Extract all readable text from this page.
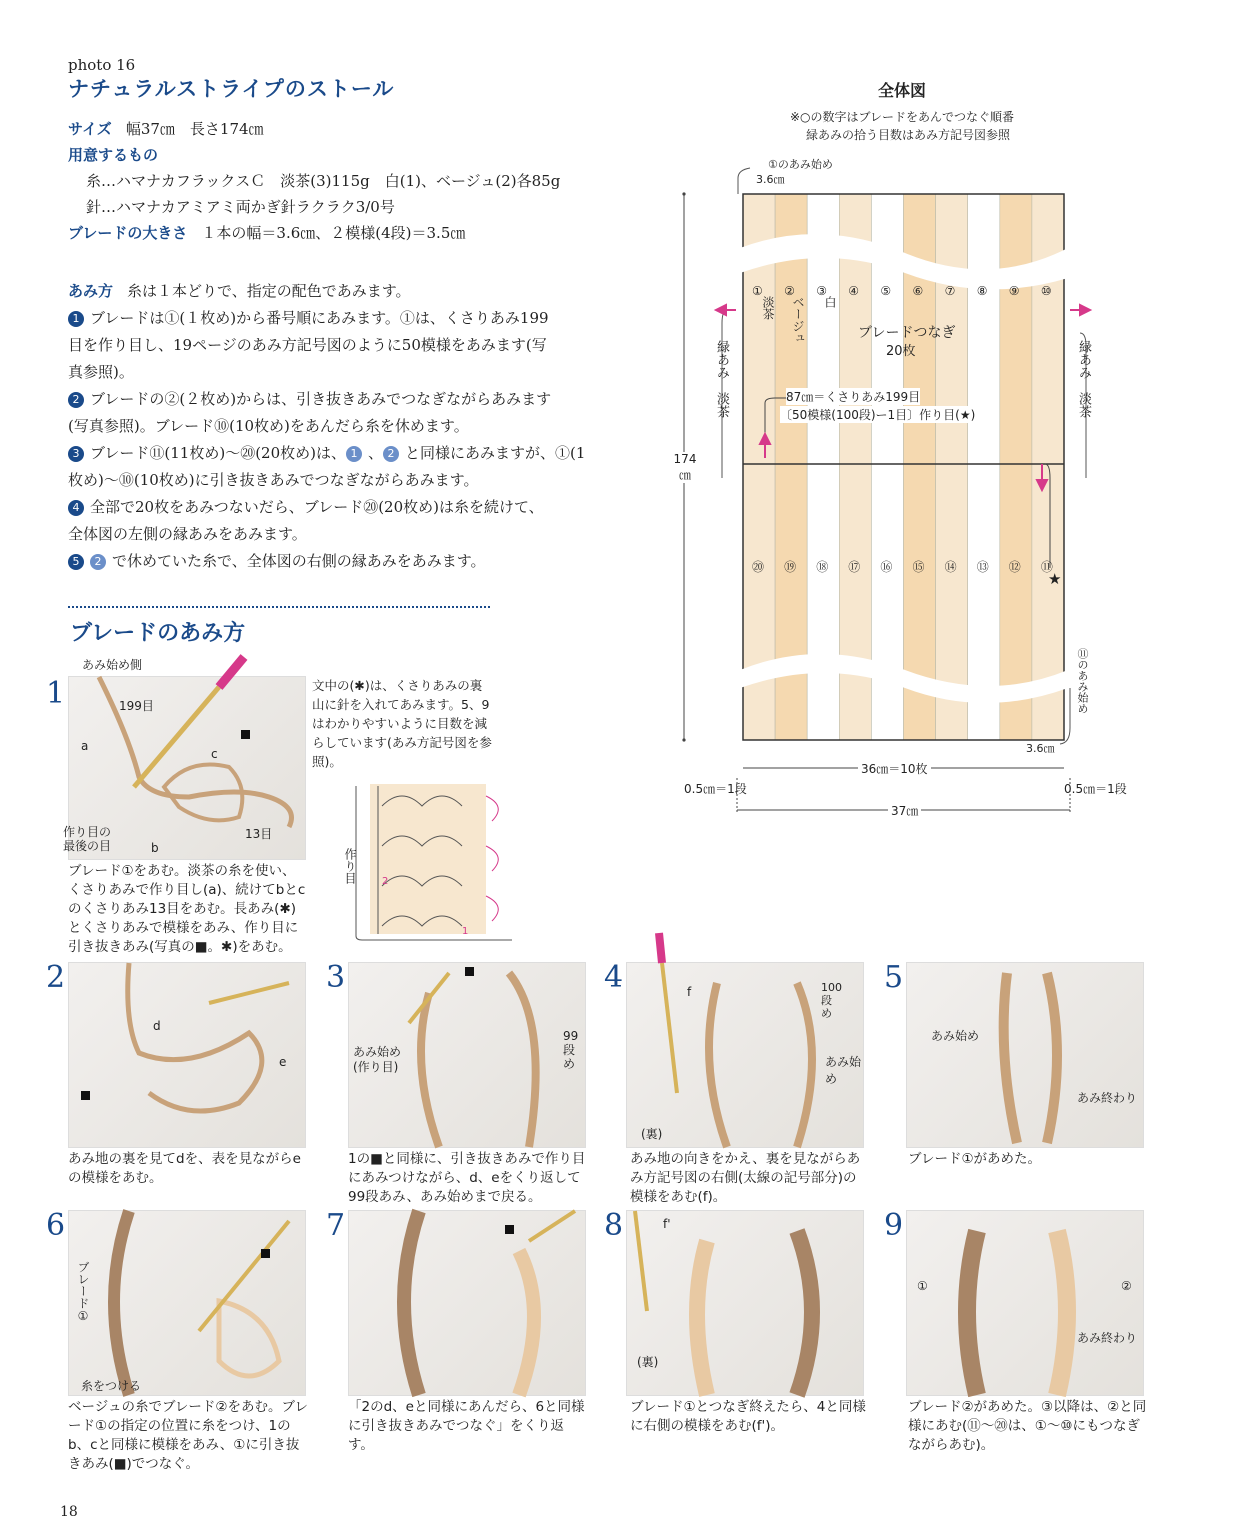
photo 16
ナチュラルストライプのストール
サイズ 幅37㎝　長さ174㎝
用意するもの
糸…ハマナカフラックスＣ　淡茶(3)115g　白(1)、ベージュ(2)各85g
針…ハマナカアミアミ両かぎ針ラクラク3/0号
ブレードの大きさ １本の幅＝3.6㎝、２模様(4段)＝3.5㎝

あみ方 糸は１本どりで、指定の配色であみます。

1 ブレードは①(１枚め)から番号順にあみます。①は、くさりあみ199

目を作り目し、19ページのあみ方記号図のように50模様をあみます(写

真参照)。

2 ブレードの②(２枚め)からは、引き抜きあみでつなぎながらあみます

(写真参照)。ブレード⑩(10枚め)をあんだら糸を休めます。

3 ブレード⑪(11枚め)〜⑳(20枚め)は、 1 、 2 と同様にあみますが、①(1

枚め)〜⑩(10枚め)に引き抜きあみでつなぎながらあみます。

4 全部で20枚をあみつないだら、ブレード⑳(20枚め)は糸を続けて、

全体図の左側の縁あみをあみます。

5 2 で休めていた糸で、全体図の右側の縁あみをあみます。

ブレードのあみ方
全体図
※○の数字はブレードをあんでつなぐ順番
緑あみの拾う目数はあみ方記号図参照
★
①のあみ始め
3.6㎝
① ② ③ ④ ⑤ ⑥ ⑦ ⑧ ⑨ ⑩
淡茶 ベージュ 白
ブレードつなぎ
20枚
緑あみ　淡茶	緑あみ　淡茶
87㎝＝くさりあみ199目
〔50模様(100段)ー1目〕作り目(★)
174㎝
⑳ ⑲ ⑱ ⑰ ⑯ ⑮ ⑭ ⑬ ⑫ ⑪
⑪のあみ始め
3.6㎝
36㎝＝10枚
0.5㎝＝1段	0.5㎝＝1段
37㎝
1
あみ始め側
199目
a
c
13目
b
作り目の
最後の目
ブレード①をあむ。淡茶の糸を使い、くさりあみで作り目し(a)、続けてbとcのくさりあみ13目をあむ。長あみ(✱)とくさりあみで模様をあみ、作り目に引き抜きあみ(写真の■。✱)をあむ。
文中の(✱)は、くさりあみの裏山に針を入れてあみます。5、9はわかりやすいように目数を減らしています(あみ方記号図を参照)。
2
1
作り目
2
d
e
あみ地の裏を見てdを、表を見ながらeの模様をあむ。
3
あみ始め
(作り目)
99
段
め
1の■と同様に、引き抜きあみで作り目にあみつけながら、d、eをくり返して99段あみ、あみ始めまで戻る。
4	f	100
段
め
あみ始め
(裏)
あみ地の向きをかえ、裏を見ながらあみ方記号図の右側(太線の記号部分)の模様をあむ(f)。
5
あみ始め
あみ終わり
ブレード①があめた。
6
ブレード①
糸をつける
ベージュの糸でブレード②をあむ。ブレード①の指定の位置に糸をつけ、1のb、cと同様に模様をあみ、①に引き抜きあみ(■)でつなぐ。
7
「2のd、eと同様にあんだら、6と同様に引き抜きあみでつなぐ」をくり返す。
8	f'
(裏)
ブレード①とつなぎ終えたら、4と同様に右側の模様をあむ(f')。
9
①	②
あみ終わり
ブレード②があめた。③以降は、②と同様にあむ(⑪〜⑳は、①〜⑩にもつなぎながらあむ)。
18
